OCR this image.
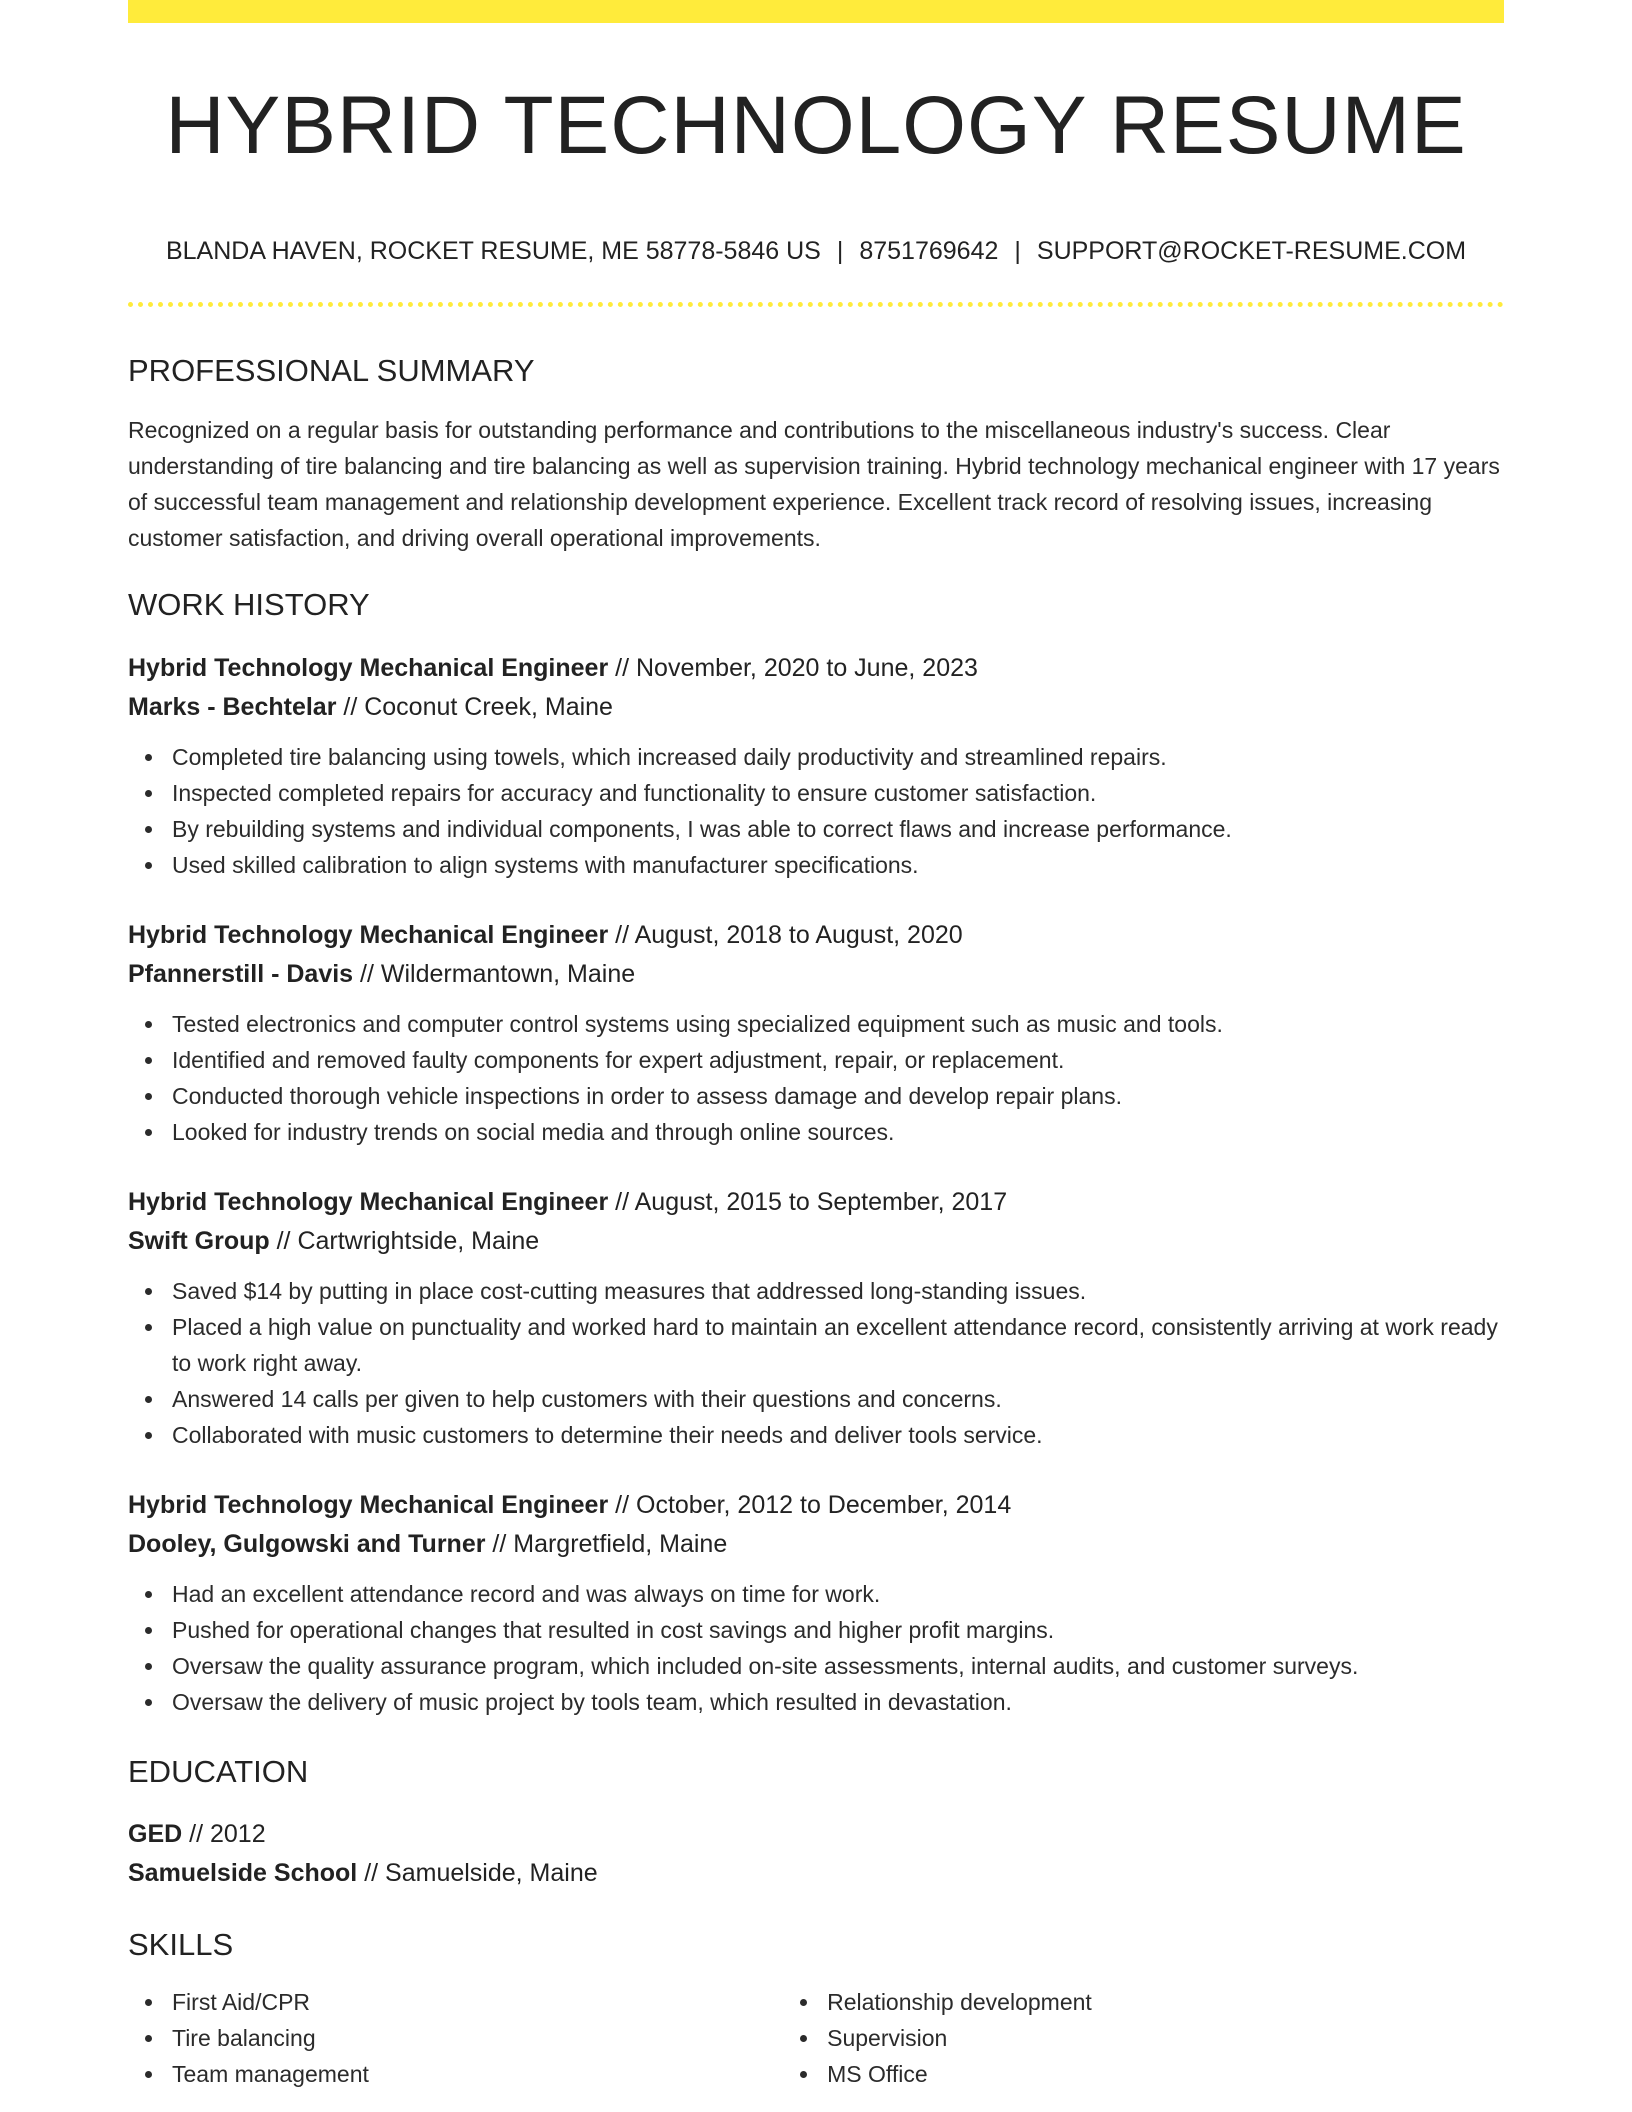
HYBRID TECHNOLOGY RESUME
BLANDA HAVEN, ROCKET RESUME, ME 58778-5846 US | 8751769642 | SUPPORT@ROCKET-RESUME.COM
PROFESSIONAL SUMMARY

Recognized on a regular basis for outstanding performance and contributions to the miscellaneous industry's success. Clear understanding of tire balancing and tire balancing as well as supervision training. Hybrid technology mechanical engineer with 17 years of successful team management and relationship development experience. Excellent track record of resolving issues, increasing customer satisfaction, and driving overall operational improvements.

WORK HISTORY
Hybrid Technology Mechanical Engineer // November, 2020 to June, 2023
Marks - Bechtelar // Coconut Creek, Maine
Completed tire balancing using towels, which increased daily productivity and streamlined repairs.
Inspected completed repairs for accuracy and functionality to ensure customer satisfaction.
By rebuilding systems and individual components, I was able to correct flaws and increase performance.
Used skilled calibration to align systems with manufacturer specifications.
Hybrid Technology Mechanical Engineer // August, 2018 to August, 2020
Pfannerstill - Davis // Wildermantown, Maine
Tested electronics and computer control systems using specialized equipment such as music and tools.
Identified and removed faulty components for expert adjustment, repair, or replacement.
Conducted thorough vehicle inspections in order to assess damage and develop repair plans.
Looked for industry trends on social media and through online sources.
Hybrid Technology Mechanical Engineer // August, 2015 to September, 2017
Swift Group // Cartwrightside, Maine
Saved $14 by putting in place cost-cutting measures that addressed long-standing issues.
Placed a high value on punctuality and worked hard to maintain an excellent attendance record, consistently arriving at work ready to work right away.
Answered 14 calls per given to help customers with their questions and concerns.
Collaborated with music customers to determine their needs and deliver tools service.
Hybrid Technology Mechanical Engineer // October, 2012 to December, 2014
Dooley, Gulgowski and Turner // Margretfield, Maine
Had an excellent attendance record and was always on time for work.
Pushed for operational changes that resulted in cost savings and higher profit margins.
Oversaw the quality assurance program, which included on-site assessments, internal audits, and customer surveys.
Oversaw the delivery of music project by tools team, which resulted in devastation.
EDUCATION
GED // 2012
Samuelside School // Samuelside, Maine
SKILLS
First Aid/CPR
Tire balancing
Team management
Relationship development
Supervision
MS Office
